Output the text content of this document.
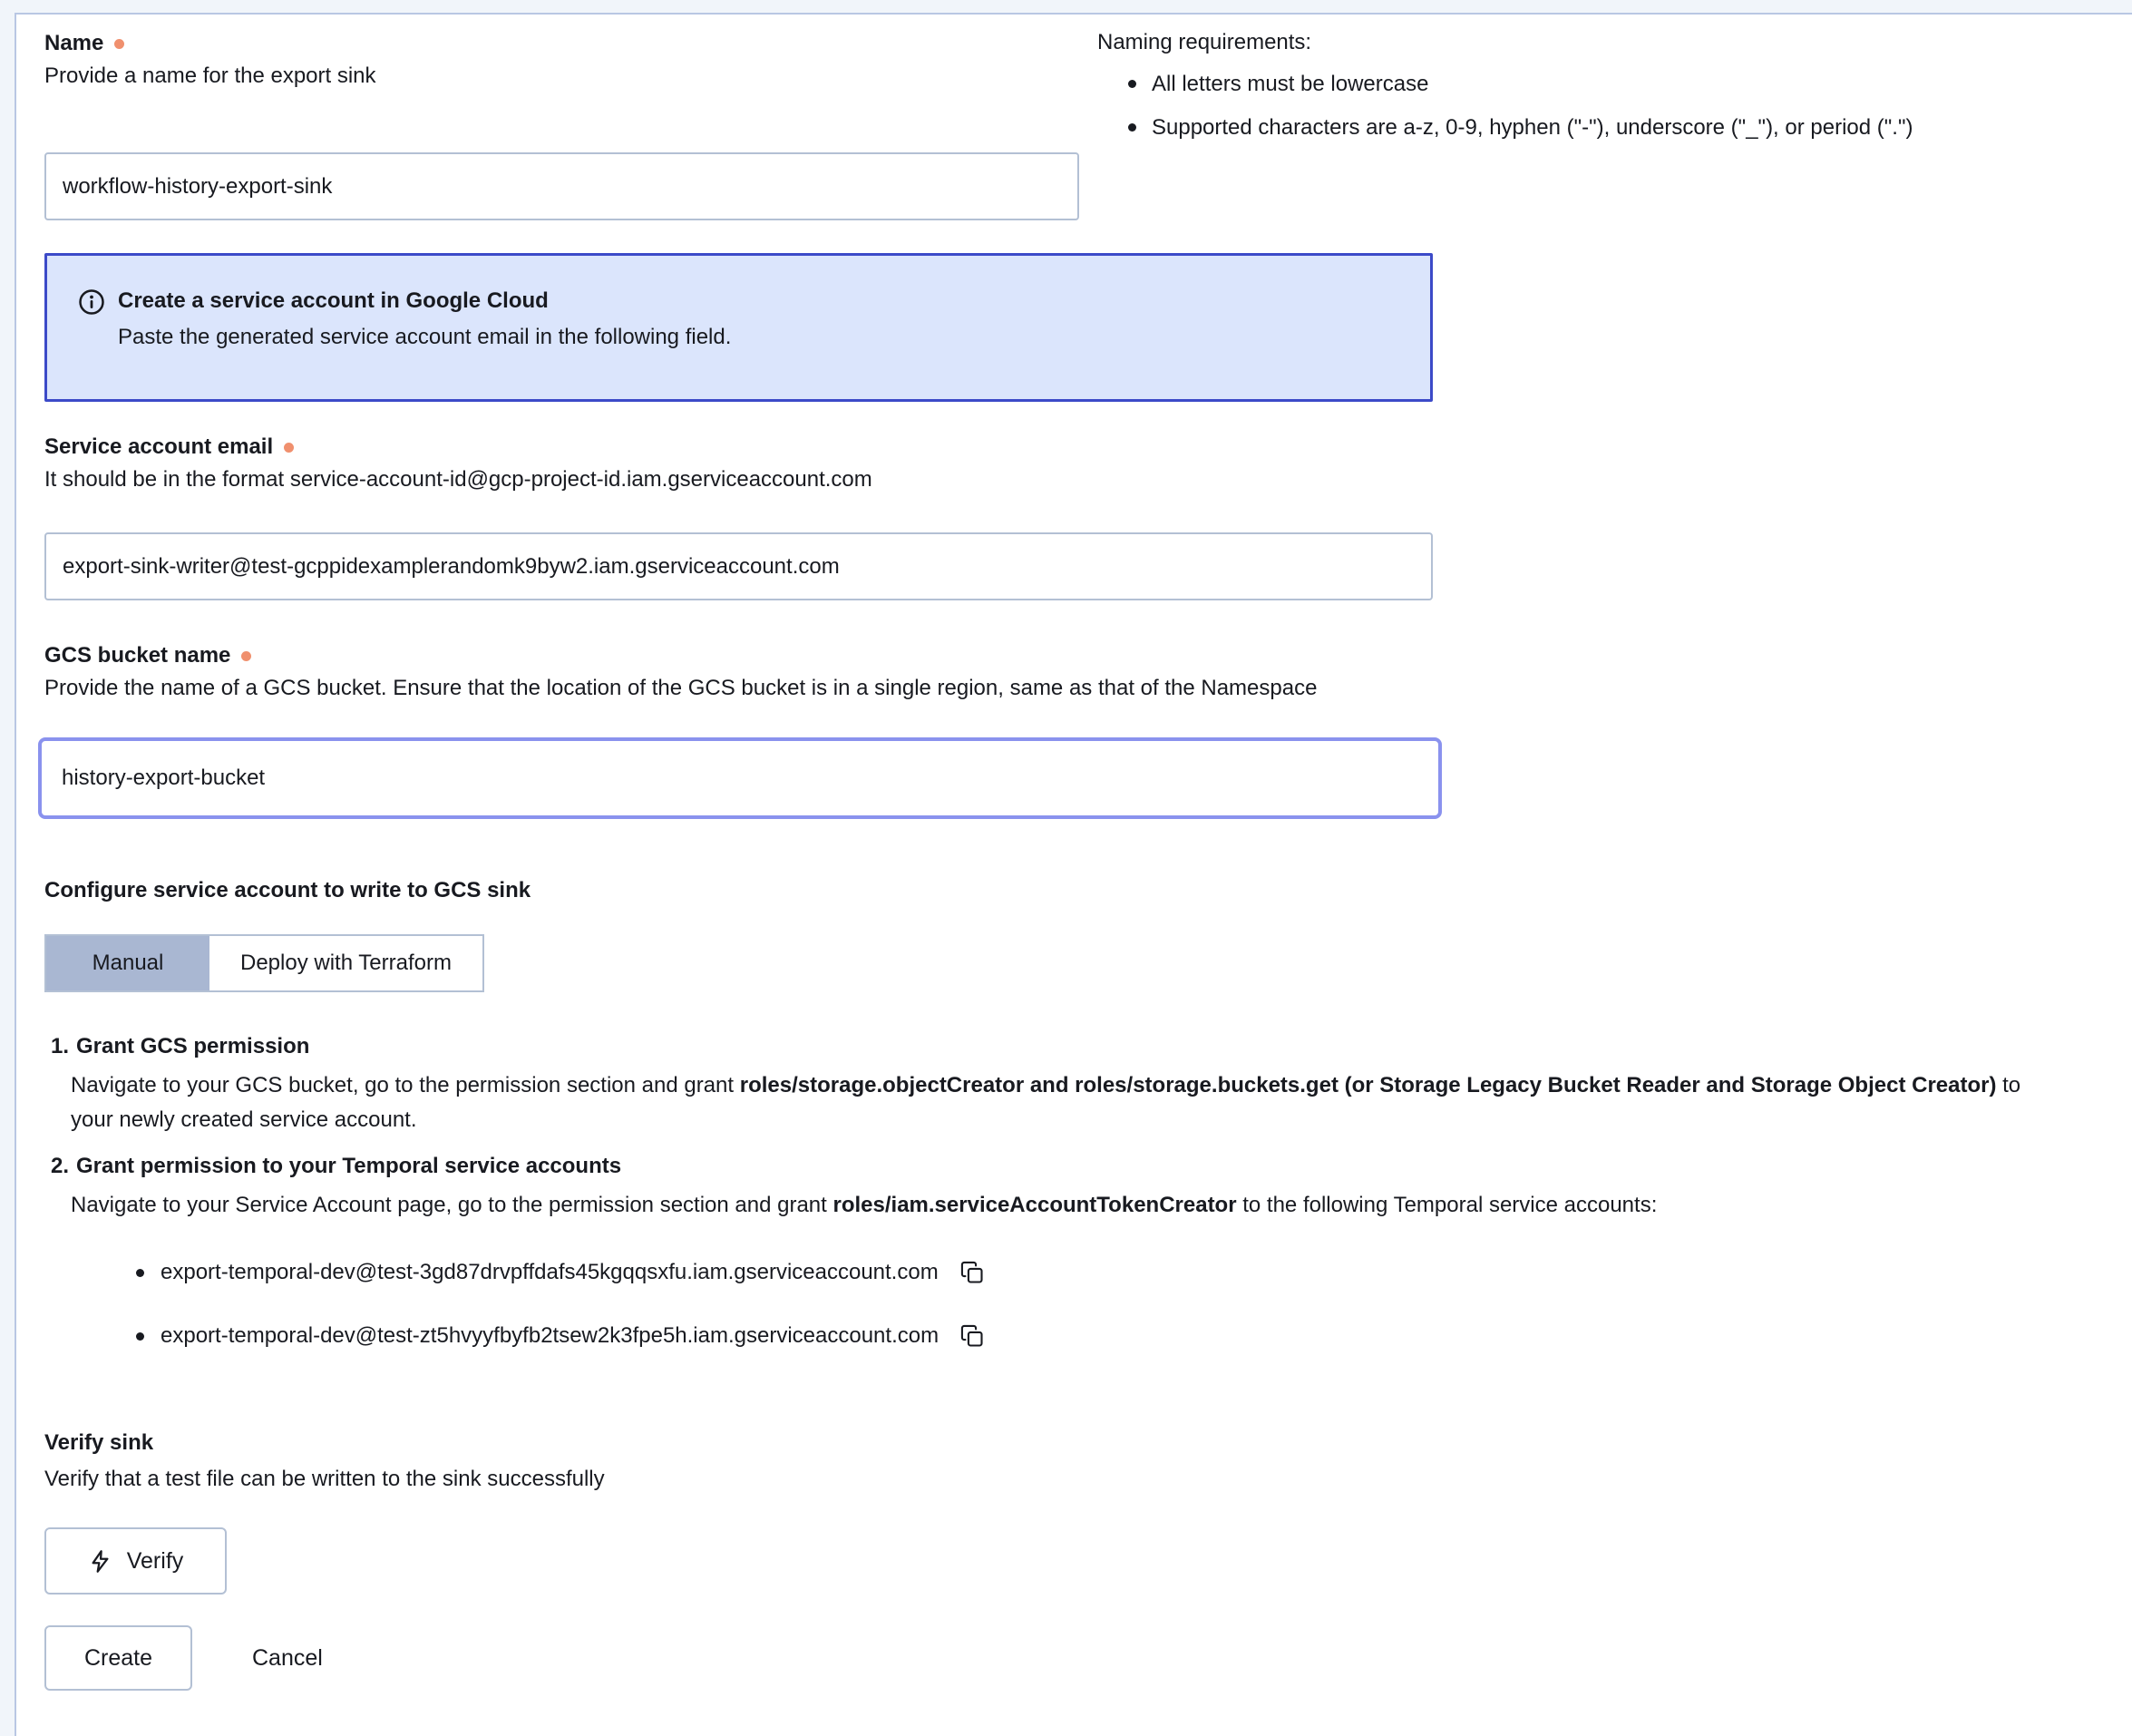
Name
Provide a name for the export sink
workflow-history-export-sink
Naming requirements:
All letters must be lowercase
Supported characters are a-z, 0-9, hyphen ("-"), underscore ("_"), or period (".")
Create a service account in Google Cloud
Paste the generated service account email in the following field.
Service account email
It should be in the format service-account-id@gcp-project-id.iam.gserviceaccount.com
export-sink-writer@test-gcppidexamplerandomk9byw2.iam.gserviceaccount.com
GCS bucket name
Provide the name of a GCS bucket. Ensure that the location of the GCS bucket is in a single region, same as that of the Namespace
history-export-bucket
Configure service account to write to GCS sink
Manual	Deploy with Terraform
1. Grant GCS permission
Navigate to your GCS bucket, go to the permission section and grant roles/storage.objectCreator and roles/storage.buckets.get (or Storage Legacy Bucket Reader and Storage Object Creator) to your newly created service account.
2. Grant permission to your Temporal service accounts
Navigate to your Service Account page, go to the permission section and grant roles/iam.serviceAccountTokenCreator to the following Temporal service accounts:
export-temporal-dev@test-3gd87drvpffdafs45kgqqsxfu.iam.gserviceaccount.com
export-temporal-dev@test-zt5hvyyfbyfb2tsew2k3fpe5h.iam.gserviceaccount.com
Verify sink
Verify that a test file can be written to the sink successfully
Verify
Create	Cancel
